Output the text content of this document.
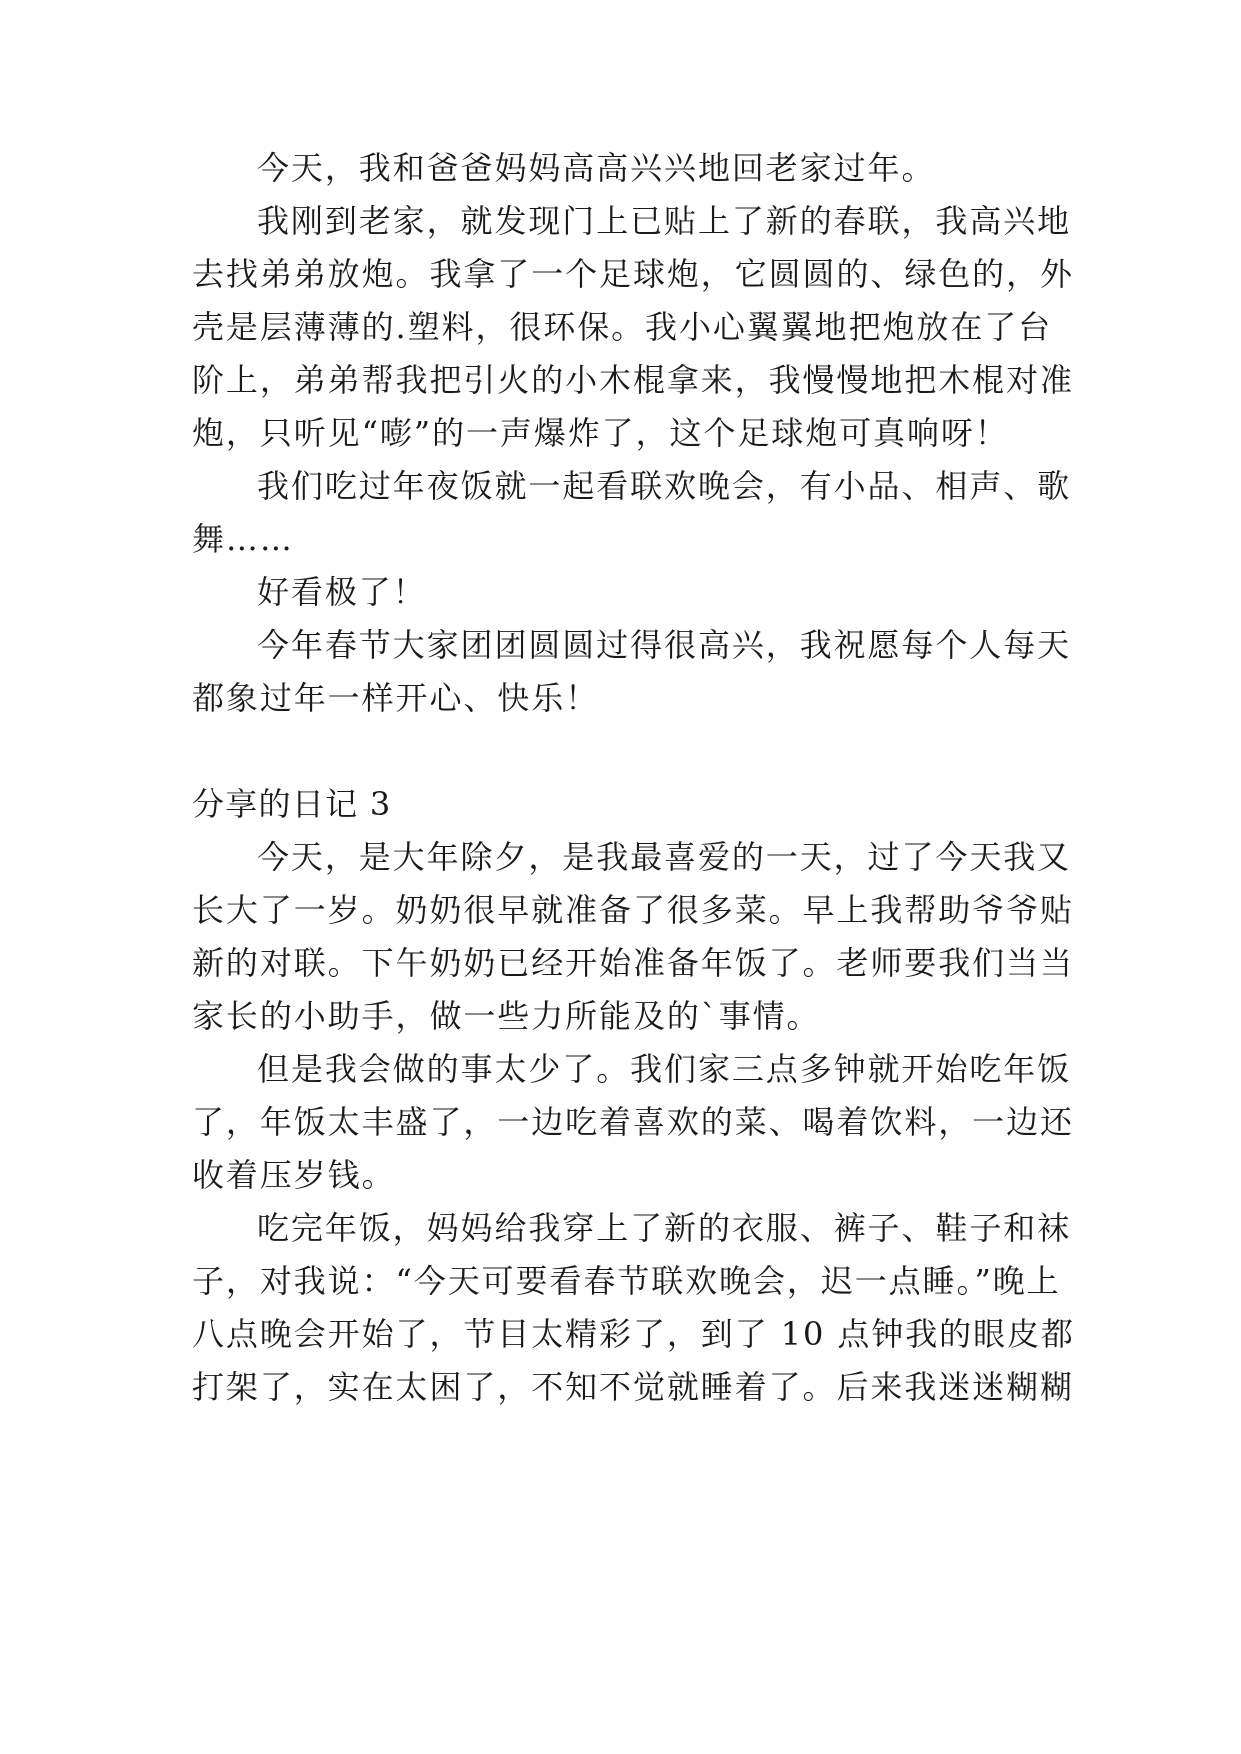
今天，我和爸爸妈妈高高兴兴地回老家过年。
我刚到老家，就发现门上已贴上了新的春联，我高兴地
去找弟弟放炮。我拿了一个足球炮，它圆圆的、绿色的，外
壳是层薄薄的.塑料，很环保。我小心翼翼地把炮放在了台
阶上，弟弟帮我把引火的小木棍拿来，我慢慢地把木棍对准
炮，只听见“嘭”的一声爆炸了，这个足球炮可真响呀！
我们吃过年夜饭就一起看联欢晚会，有小品、相声、歌
舞……
好看极了！
今年春节大家团团圆圆过得很高兴，我祝愿每个人每天
都象过年一样开心、快乐！
分享的日记 3
今天，是大年除夕，是我最喜爱的一天，过了今天我又
长大了一岁。奶奶很早就准备了很多菜。早上我帮助爷爷贴
新的对联。下午奶奶已经开始准备年饭了。老师要我们当当
家长的小助手，做一些力所能及的`事情。
但是我会做的事太少了。我们家三点多钟就开始吃年饭
了，年饭太丰盛了，一边吃着喜欢的菜、喝着饮料，一边还
收着压岁钱。
吃完年饭，妈妈给我穿上了新的衣服、裤子、鞋子和袜
子，对我说：“今天可要看春节联欢晚会，迟一点睡。”晚上
八点晚会开始了，节目太精彩了，到了 10 点钟我的眼皮都
打架了，实在太困了，不知不觉就睡着了。后来我迷迷糊糊
